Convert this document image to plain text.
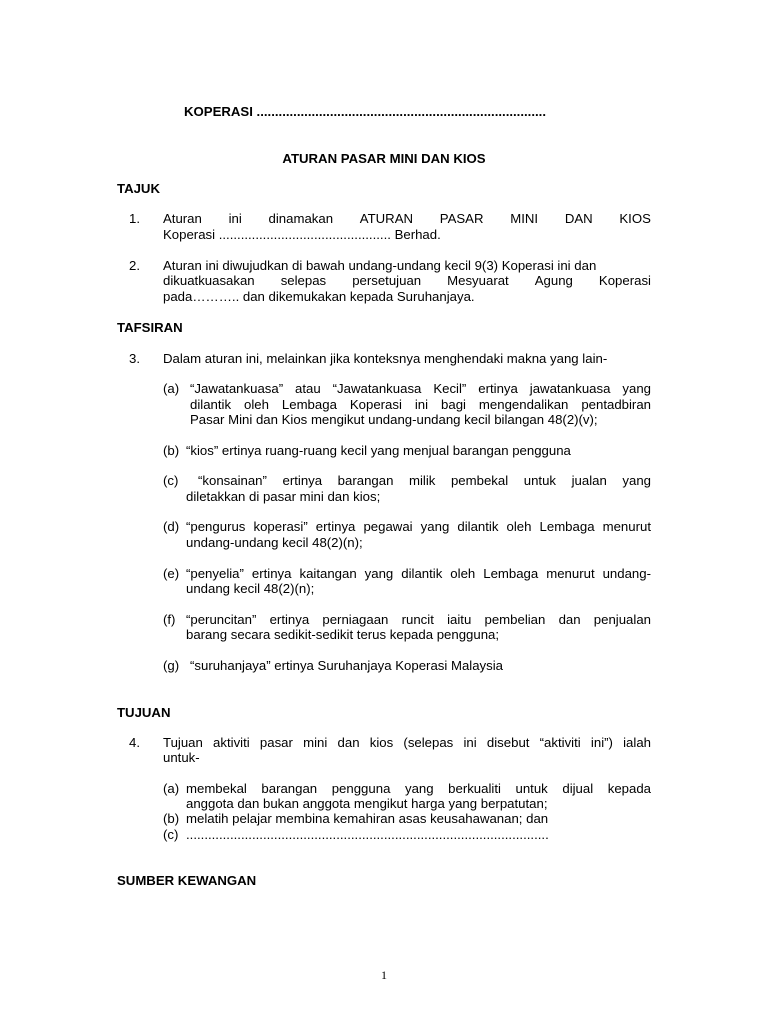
KOPERASI ...............................................................................
ATURAN PASAR MINI DAN KIOS
TAJUK
1. Aturan ini dinamakan ATURAN PASAR MINI DAN KIOS
Koperasi ............................................... Berhad.
2. Aturan ini diwujudkan di bawah undang-undang kecil 9(3) Koperasi ini dan
dikuatkuasakan selepas persetujuan Mesyuarat Agung Koperasi
pada……….. dan dikemukakan kepada Suruhanjaya.
TAFSIRAN
3. Dalam aturan ini, melainkan jika konteksnya menghendaki makna yang lain-
(a) “Jawatankuasa” atau “Jawatankuasa Kecil” ertinya jawatankuasa yang
dilantik oleh Lembaga Koperasi ini bagi mengendalikan pentadbiran
Pasar Mini dan Kios mengikut undang-undang kecil bilangan 48(2)(v);
(b) “kios” ertinya ruang-ruang kecil yang menjual barangan pengguna
(c) “konsainan” ertinya barangan milik pembekal untuk jualan yang
diletakkan di pasar mini dan kios;
(d) “pengurus koperasi” ertinya pegawai yang dilantik oleh Lembaga menurut
undang-undang kecil 48(2)(n);
(e) “penyelia” ertinya kaitangan yang dilantik oleh Lembaga menurut undang-
undang kecil 48(2)(n);
(f) “peruncitan” ertinya perniagaan runcit iaitu pembelian dan penjualan
barang secara sedikit-sedikit terus kepada pengguna;
(g) “suruhanjaya” ertinya Suruhanjaya Koperasi Malaysia
TUJUAN
4. Tujuan aktiviti pasar mini dan kios (selepas ini disebut “aktiviti ini”) ialah
untuk-
(a) membekal barangan pengguna yang berkualiti untuk dijual kepada
anggota dan bukan anggota mengikut harga yang berpatutan;
(b) melatih pelajar membina kemahiran asas keusahawanan; dan
(c) ...................................................................................................
SUMBER KEWANGAN
1
